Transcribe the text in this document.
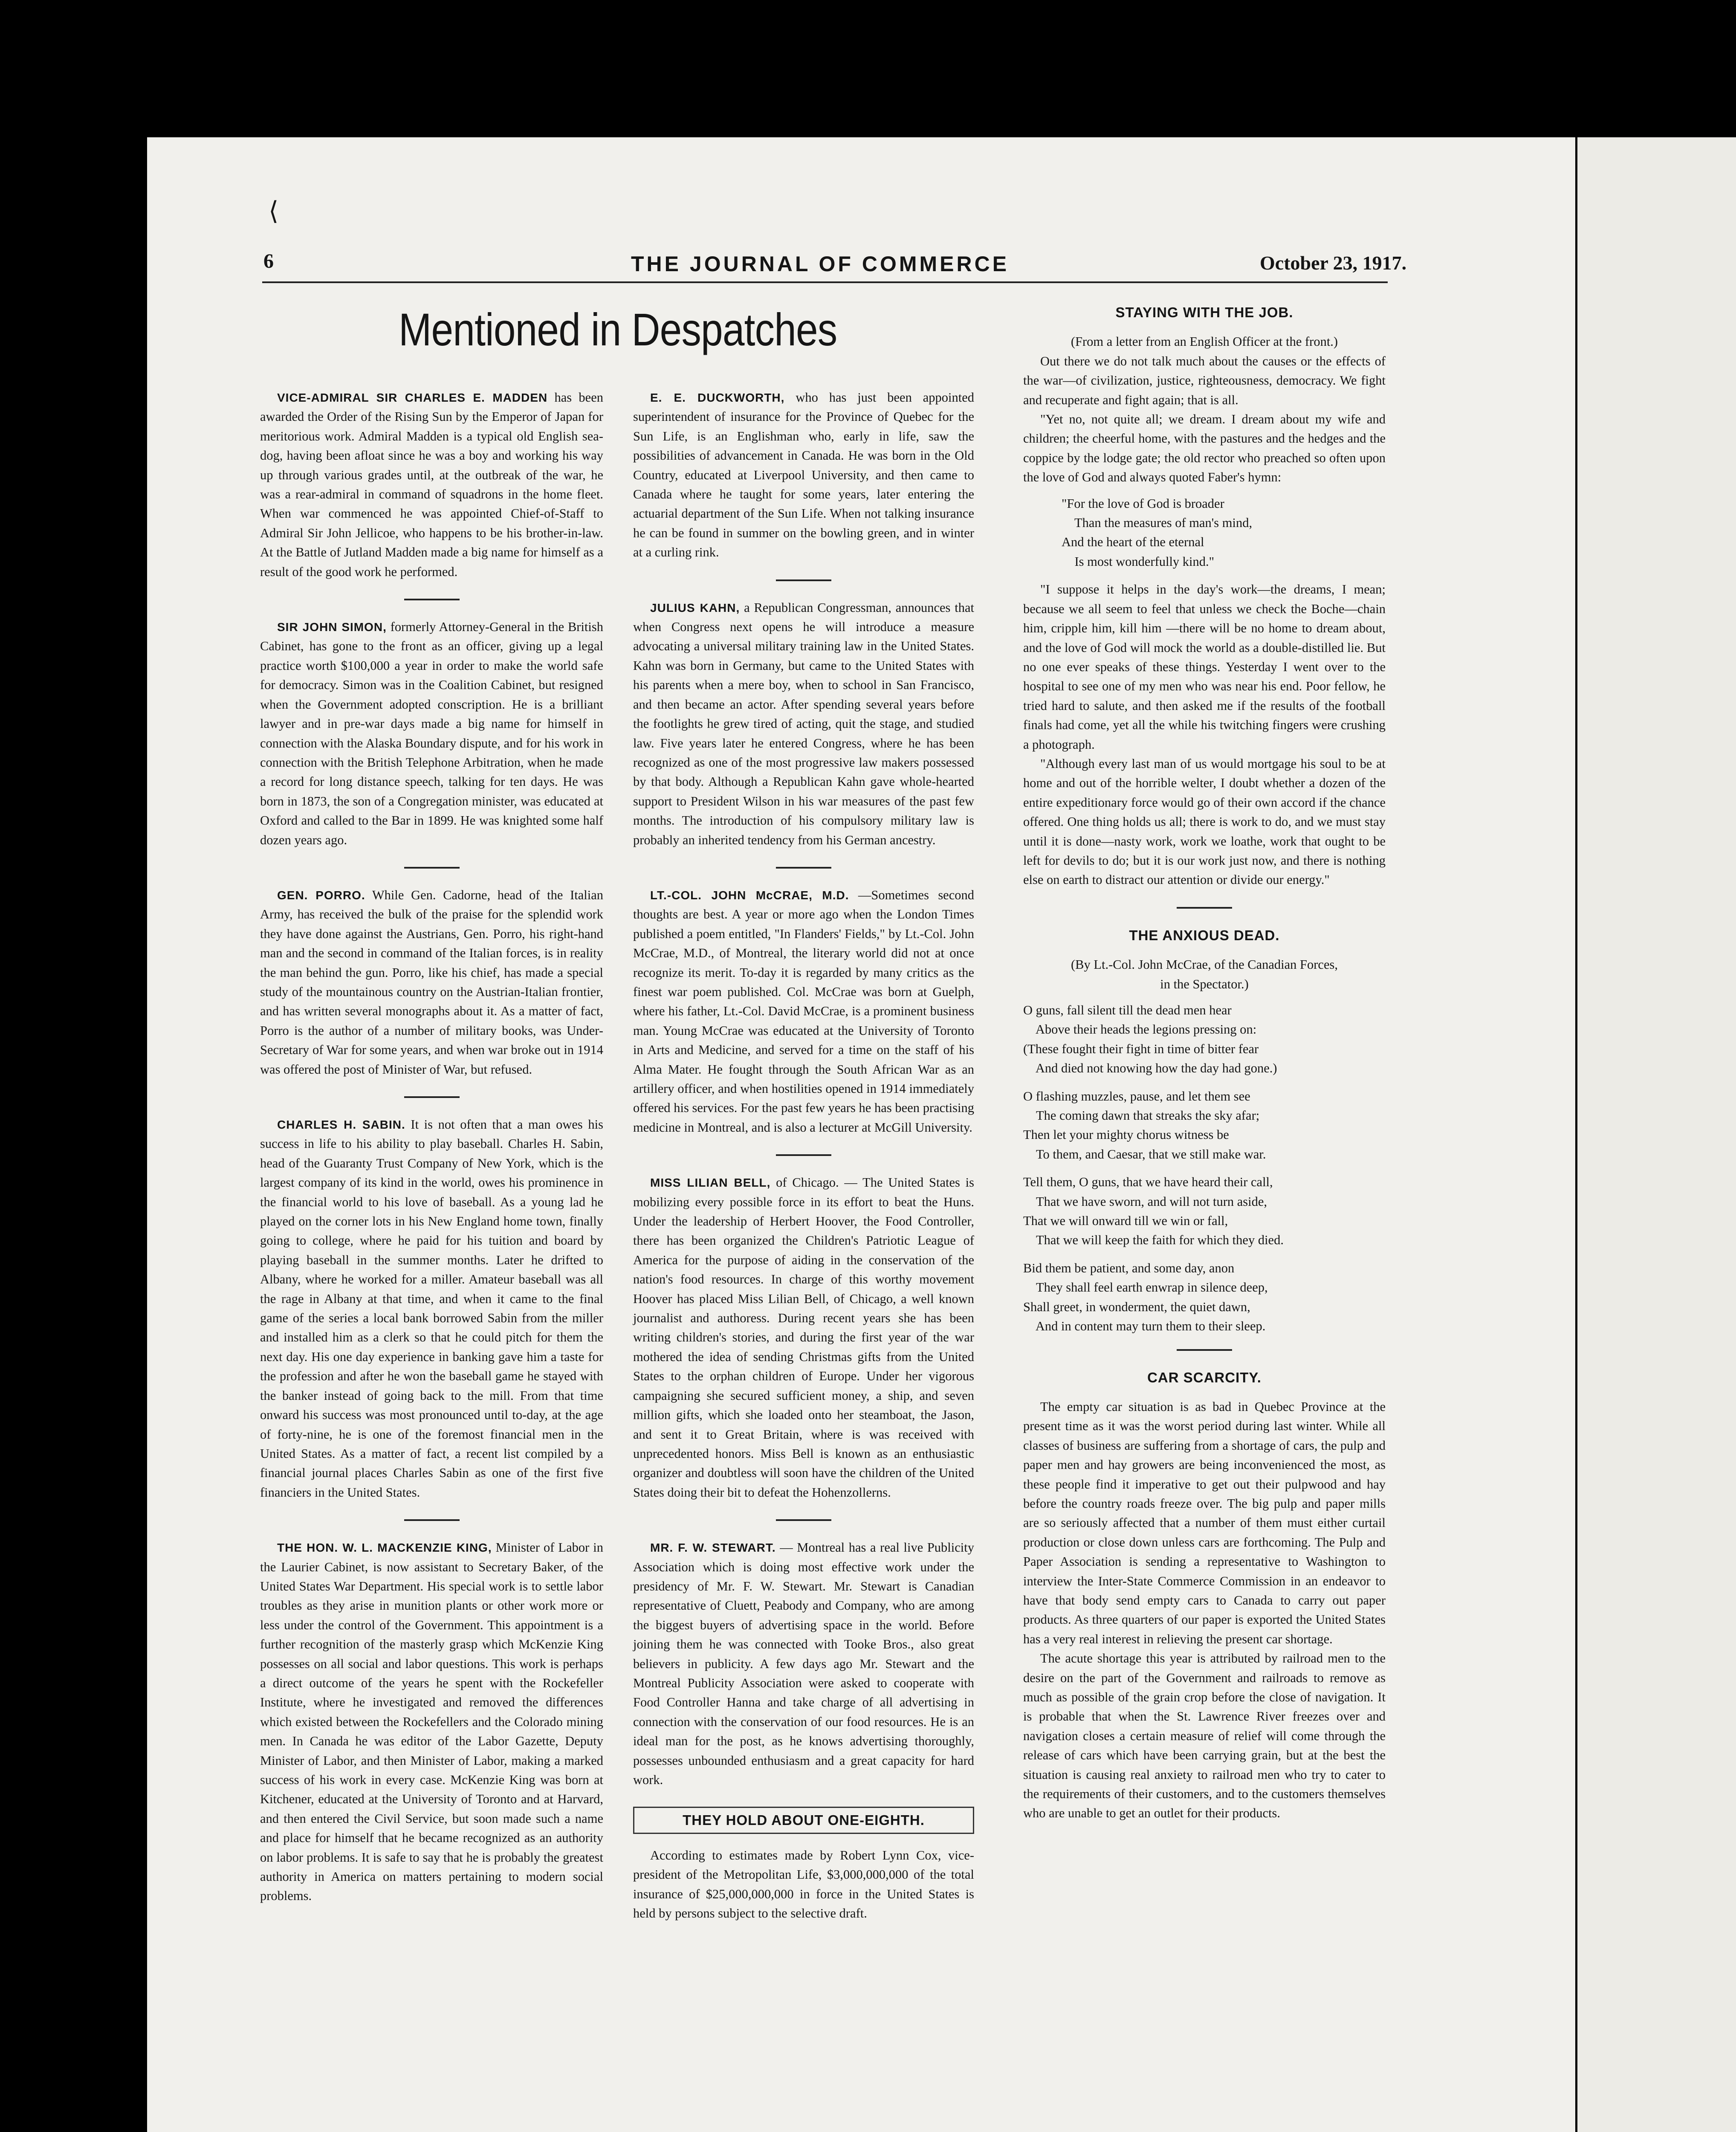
⟨
6	THE JOURNAL OF COMMERCE	October 23, 1917.
Mentioned in Despatches

VICE-ADMIRAL SIR CHARLES E. MADDEN has been awarded the Order of the Rising Sun by the Emperor of Japan for meritorious work. Admiral Madden is a typical old English sea-dog, having been afloat since he was a boy and working his way up through various grades until, at the outbreak of the war, he was a rear-admiral in command of squadrons in the home fleet. When war commenced he was appointed Chief-of-Staff to Admiral Sir John Jellicoe, who happens to be his brother-in-law. At the Battle of Jutland Madden made a big name for himself as a result of the good work he performed.

SIR JOHN SIMON, formerly Attorney-General in the British Cabinet, has gone to the front as an officer, giving up a legal practice worth $100,000 a year in order to make the world safe for democracy. Simon was in the Coalition Cabinet, but resigned when the Government adopted conscription. He is a brilliant lawyer and in pre-war days made a big name for himself in connection with the Alaska Boundary dispute, and for his work in connection with the British Telephone Arbitration, when he made a record for long distance speech, talking for ten days. He was born in 1873, the son of a Congregation minister, was educated at Oxford and called to the Bar in 1899. He was knighted some half dozen years ago.

GEN. PORRO. While Gen. Cadorne, head of the Italian Army, has received the bulk of the praise for the splendid work they have done against the Austrians, Gen. Porro, his right-hand man and the second in command of the Italian forces, is in reality the man behind the gun. Porro, like his chief, has made a special study of the mountainous country on the Austrian-Italian frontier, and has written several monographs about it. As a matter of fact, Porro is the author of a number of military books, was Under-Secretary of War for some years, and when war broke out in 1914 was offered the post of Minister of War, but refused.

CHARLES H. SABIN. It is not often that a man owes his success in life to his ability to play baseball. Charles H. Sabin, head of the Guaranty Trust Company of New York, which is the largest company of its kind in the world, owes his prominence in the financial world to his love of baseball. As a young lad he played on the corner lots in his New England home town, finally going to college, where he paid for his tuition and board by playing baseball in the summer months. Later he drifted to Albany, where he worked for a miller. Amateur baseball was all the rage in Albany at that time, and when it came to the final game of the series a local bank borrowed Sabin from the miller and installed him as a clerk so that he could pitch for them the next day. His one day experience in banking gave him a taste for the profession and after he won the baseball game he stayed with the banker instead of going back to the mill. From that time onward his success was most pronounced until to-day, at the age of forty-nine, he is one of the foremost financial men in the United States. As a matter of fact, a recent list compiled by a financial journal places Charles Sabin as one of the first five financiers in the United States.

THE HON. W. L. MACKENZIE KING, Minister of Labor in the Laurier Cabinet, is now assistant to Secretary Baker, of the United States War Department. His special work is to settle labor troubles as they arise in munition plants or other work more or less under the control of the Government. This appointment is a further recognition of the masterly grasp which McKenzie King possesses on all social and labor questions. This work is perhaps a direct outcome of the years he spent with the Rockefeller Institute, where he investigated and removed the differences which existed between the Rockefellers and the Colorado mining men. In Canada he was editor of the Labor Gazette, Deputy Minister of Labor, and then Minister of Labor, making a marked success of his work in every case. McKenzie King was born at Kitchener, educated at the University of Toronto and at Harvard, and then entered the Civil Service, but soon made such a name and place for himself that he became recognized as an authority on labor problems. It is safe to say that he is probably the greatest authority in America on matters pertaining to modern social problems.

E. E. DUCKWORTH, who has just been appointed superintendent of insurance for the Province of Quebec for the Sun Life, is an Englishman who, early in life, saw the possibilities of advancement in Canada. He was born in the Old Country, educated at Liverpool University, and then came to Canada where he taught for some years, later entering the actuarial department of the Sun Life. When not talking insurance he can be found in summer on the bowling green, and in winter at a curling rink.

JULIUS KAHN, a Republican Congressman, announces that when Congress next opens he will introduce a measure advocating a universal military training law in the United States. Kahn was born in Germany, but came to the United States with his parents when a mere boy, when to school in San Francisco, and then became an actor. After spending several years before the footlights he grew tired of acting, quit the stage, and studied law. Five years later he entered Congress, where he has been recognized as one of the most progressive law makers possessed by that body. Although a Republican Kahn gave whole-hearted support to President Wilson in his war measures of the past few months. The introduction of his compulsory military law is probably an inherited tendency from his German ancestry.

LT.-COL. JOHN McCRAE, M.D. —Sometimes second thoughts are best. A year or more ago when the London Times published a poem entitled, "In Flanders' Fields," by Lt.-Col. John McCrae, M.D., of Montreal, the literary world did not at once recognize its merit. To-day it is regarded by many critics as the finest war poem published. Col. McCrae was born at Guelph, where his father, Lt.-Col. David McCrae, is a prominent business man. Young McCrae was educated at the University of Toronto in Arts and Medicine, and served for a time on the staff of his Alma Mater. He fought through the South African War as an artillery officer, and when hostilities opened in 1914 immediately offered his services. For the past few years he has been practising medicine in Montreal, and is also a lecturer at McGill University.

MISS LILIAN BELL, of Chicago. — The United States is mobilizing every possible force in its effort to beat the Huns. Under the leadership of Herbert Hoover, the Food Controller, there has been organized the Children's Patriotic League of America for the purpose of aiding in the conservation of the nation's food resources. In charge of this worthy movement Hoover has placed Miss Lilian Bell, of Chicago, a well known journalist and authoress. During recent years she has been writing children's stories, and during the first year of the war mothered the idea of sending Christmas gifts from the United States to the orphan children of Europe. Under her vigorous campaigning she secured sufficient money, a ship, and seven million gifts, which she loaded onto her steamboat, the Jason, and sent it to Great Britain, where is was received with unprecedented honors. Miss Bell is known as an enthusiastic organizer and doubtless will soon have the children of the United States doing their bit to defeat the Hohenzollerns.

MR. F. W. STEWART. — Montreal has a real live Publicity Association which is doing most effective work under the presidency of Mr. F. W. Stewart. Mr. Stewart is Canadian representative of Cluett, Peabody and Company, who are among the biggest buyers of advertising space in the world. Before joining them he was connected with Tooke Bros., also great believers in publicity. A few days ago Mr. Stewart and the Montreal Publicity Association were asked to cooperate with Food Controller Hanna and take charge of all advertising in connection with the conservation of our food resources. He is an ideal man for the post, as he knows advertising thoroughly, possesses unbounded enthusiasm and a great capacity for hard work.

THEY HOLD ABOUT ONE-EIGHTH.

According to estimates made by Robert Lynn Cox, vice-president of the Metropolitan Life, $3,000,000,000 of the total insurance of $25,000,000,000 in force in the United States is held by persons subject to the selective draft.

STAYING WITH THE JOB.

(From a letter from an English Officer at the front.)

Out there we do not talk much about the causes or the effects of the war—of civilization, justice, righteousness, democracy. We fight and recuperate and fight again; that is all.

"Yet no, not quite all; we dream. I dream about my wife and children; the cheerful home, with the pastures and the hedges and the coppice by the lodge gate; the old rector who preached so often upon the love of God and always quoted Faber's hymn:

"For the love of God is broader
Than the measures of man's mind,
And the heart of the eternal
Is most wonderfully kind."

"I suppose it helps in the day's work—the dreams, I mean; because we all seem to feel that unless we check the Boche—chain him, cripple him, kill him —there will be no home to dream about, and the love of God will mock the world as a double-distilled lie. But no one ever speaks of these things. Yesterday I went over to the hospital to see one of my men who was near his end. Poor fellow, he tried hard to salute, and then asked me if the results of the football finals had come, yet all the while his twitching fingers were crushing a photograph.

"Although every last man of us would mortgage his soul to be at home and out of the horrible welter, I doubt whether a dozen of the entire expeditionary force would go of their own accord if the chance offered. One thing holds us all; there is work to do, and we must stay until it is done—nasty work, work we loathe, work that ought to be left for devils to do; but it is our work just now, and there is nothing else on earth to distract our attention or divide our energy."

THE ANXIOUS DEAD.

(By Lt.-Col. John McCrae, of the Canadian Forces,

in the Spectator.)

O guns, fall silent till the dead men hear
Above their heads the legions pressing on:
(These fought their fight in time of bitter fear
And died not knowing how the day had gone.)
O flashing muzzles, pause, and let them see
The coming dawn that streaks the sky afar;
Then let your mighty chorus witness be
To them, and Caesar, that we still make war.
Tell them, O guns, that we have heard their call,
That we have sworn, and will not turn aside,
That we will onward till we win or fall,
That we will keep the faith for which they died.
Bid them be patient, and some day, anon
They shall feel earth enwrap in silence deep,
Shall greet, in wonderment, the quiet dawn,
And in content may turn them to their sleep.
CAR SCARCITY.

The empty car situation is as bad in Quebec Province at the present time as it was the worst period during last winter. While all classes of business are suffering from a shortage of cars, the pulp and paper men and hay growers are being inconvenienced the most, as these people find it imperative to get out their pulpwood and hay before the country roads freeze over. The big pulp and paper mills are so seriously affected that a number of them must either curtail production or close down unless cars are forthcoming. The Pulp and Paper Association is sending a representative to Washington to interview the Inter-State Commerce Commission in an endeavor to have that body send empty cars to Canada to carry out paper products. As three quarters of our paper is exported the United States has a very real interest in relieving the present car shortage.

The acute shortage this year is attributed by railroad men to the desire on the part of the Government and railroads to remove as much as possible of the grain crop before the close of navigation. It is probable that when the St. Lawrence River freezes over and navigation closes a certain measure of relief will come through the release of cars which have been carrying grain, but at the best the situation is causing real anxiety to railroad men who try to cater to the requirements of their customers, and to the customers themselves who are unable to get an outlet for their products.
